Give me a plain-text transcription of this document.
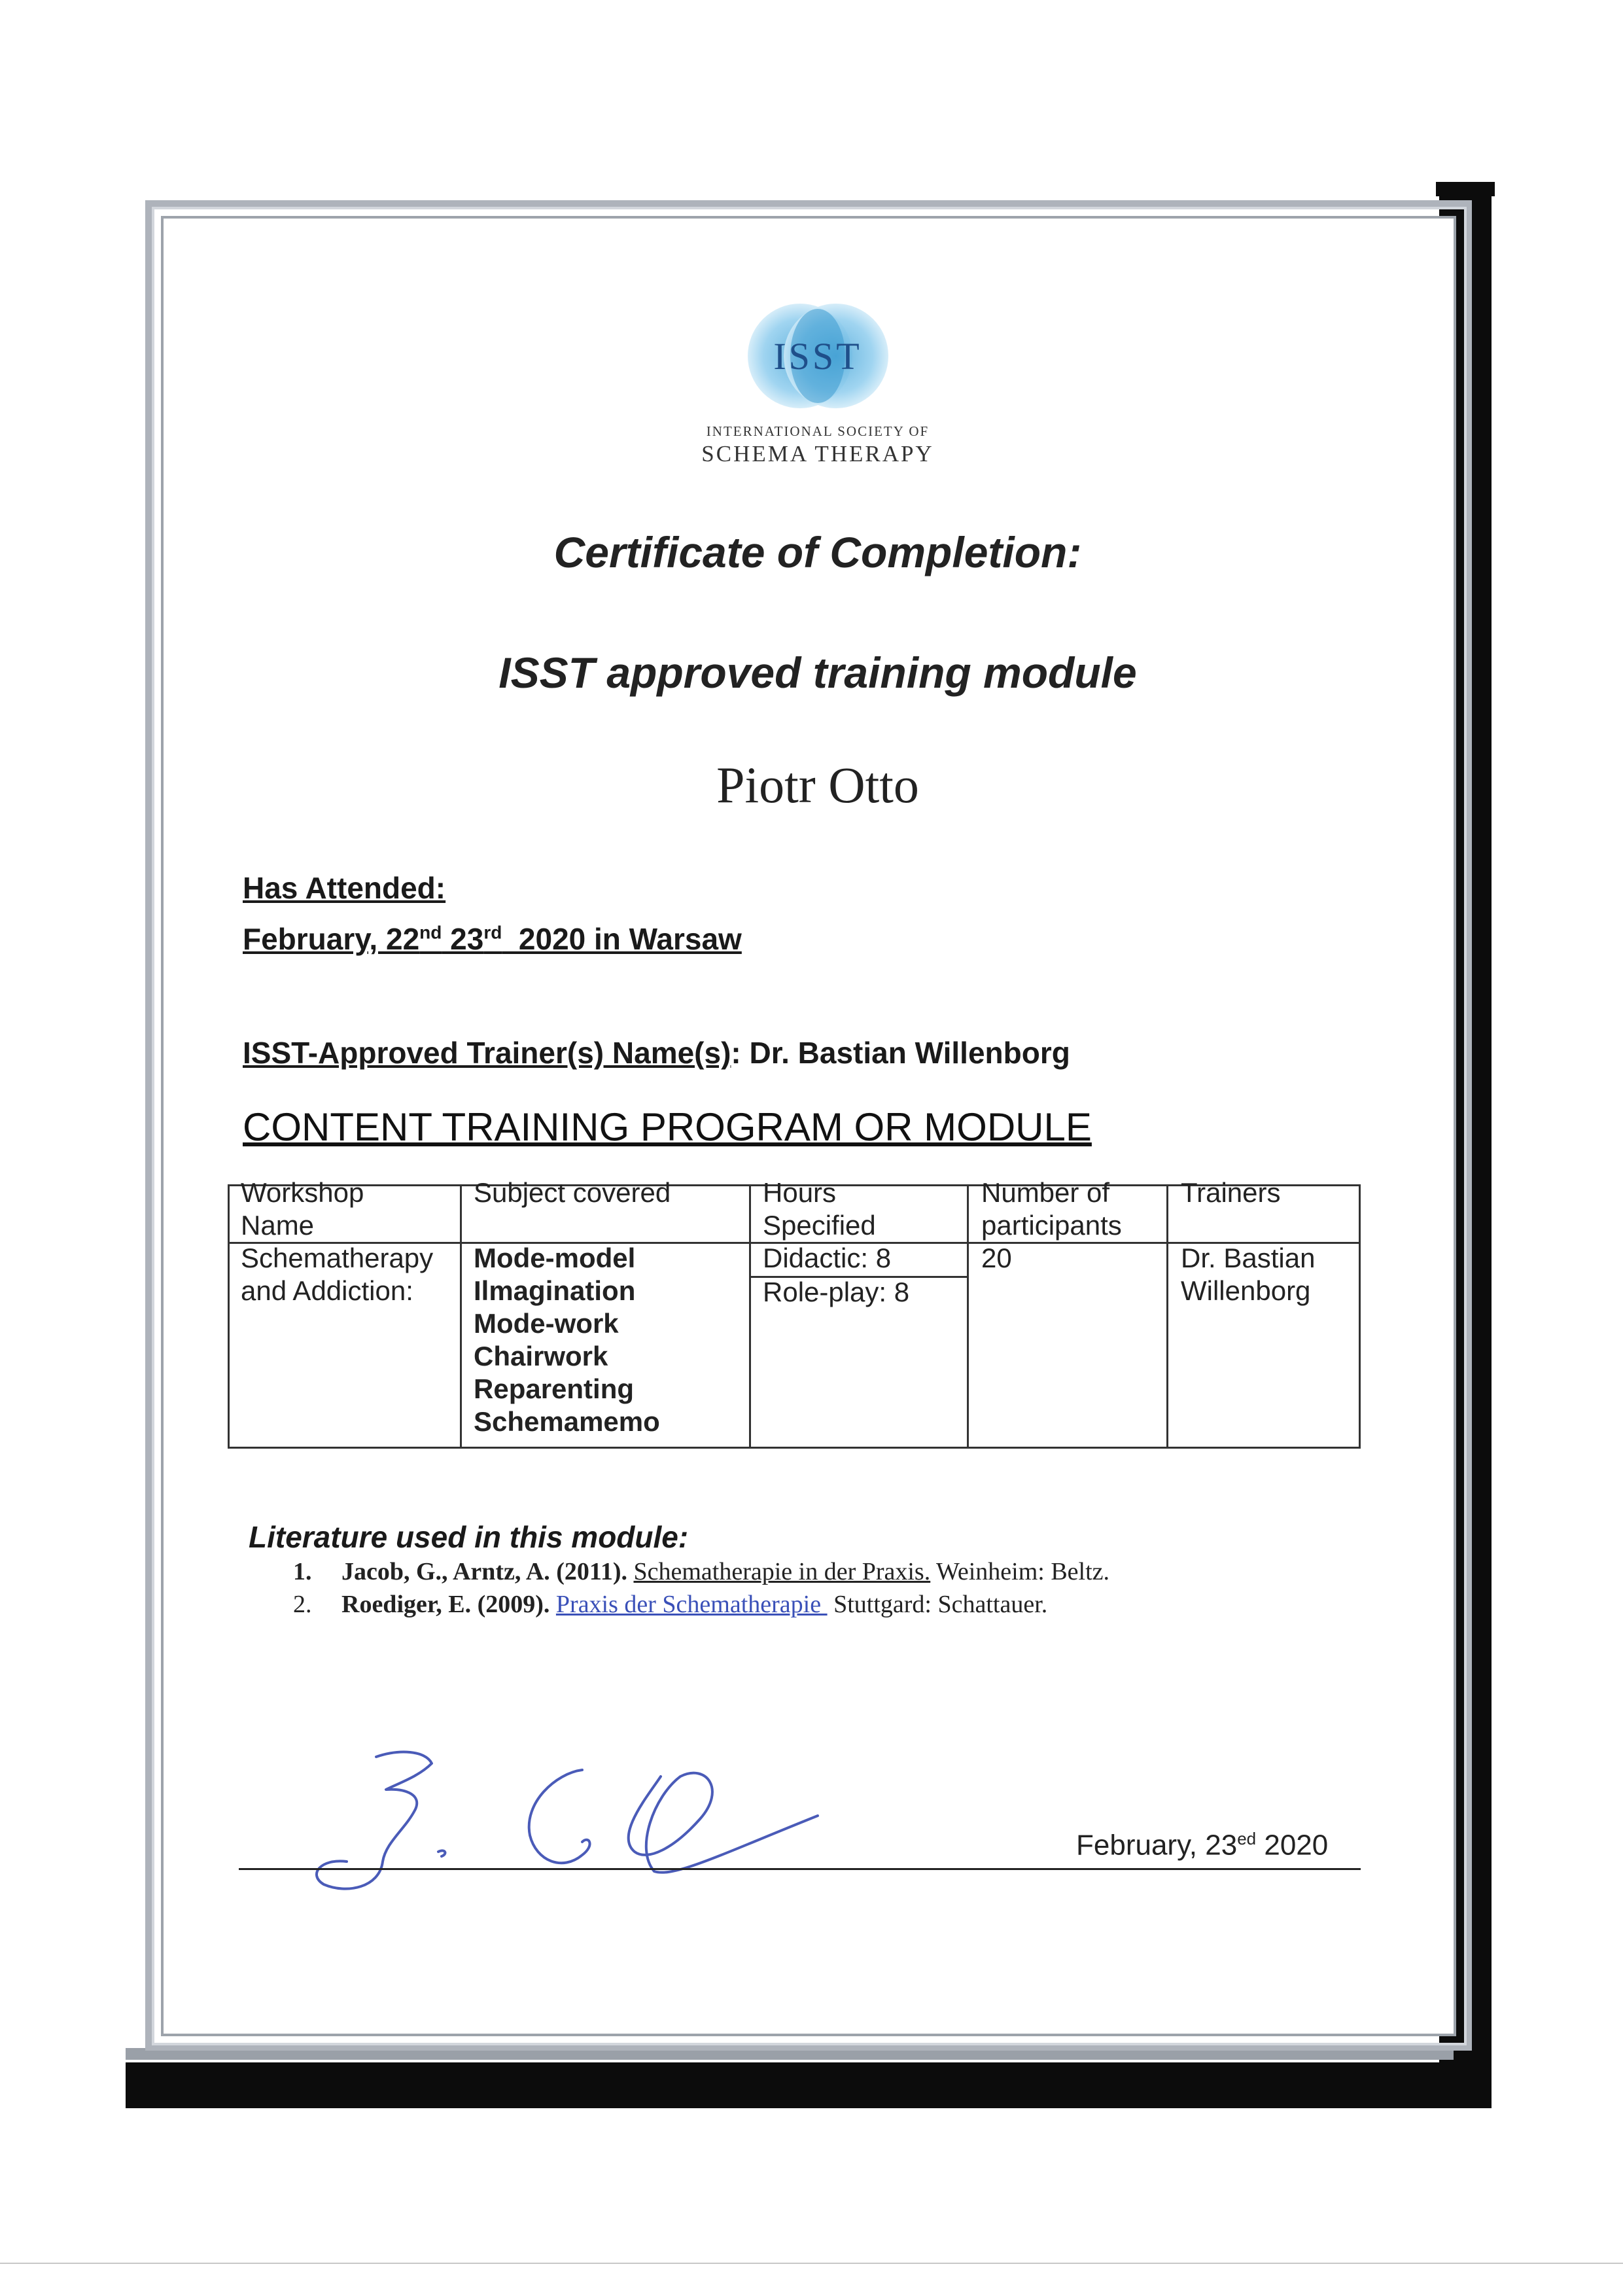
ISST
INTERNATIONAL SOCIETY OF
SCHEMA THERAPY
Certificate of Completion:
ISST approved training module
Piotr Otto
Has Attended:
February, 22nd 23rd  2020 in Warsaw
ISST-Approved Trainer(s) Name(s): Dr. Bastian Willenborg
CONTENT TRAINING PROGRAM OR MODULE
Workshop
Name
Subject covered	Hours
Specified
Number of
participants
Trainers
Schematherapy
and Addiction:
Mode-model
Ilmagination
Mode-work
Chairwork
Reparenting
Schemamemo
Didactic: 8
Role-play: 8
20	Dr. Bastian
Willenborg
Literature used in this module:
1. Jacob, G., Arntz, A. (2011). Schematherapie in der Praxis. Weinheim: Beltz.
2. Roediger, E. (2009). Praxis der Schematherapie  Stuttgard: Schattauer.
February, $23^{ed}$ 2020
